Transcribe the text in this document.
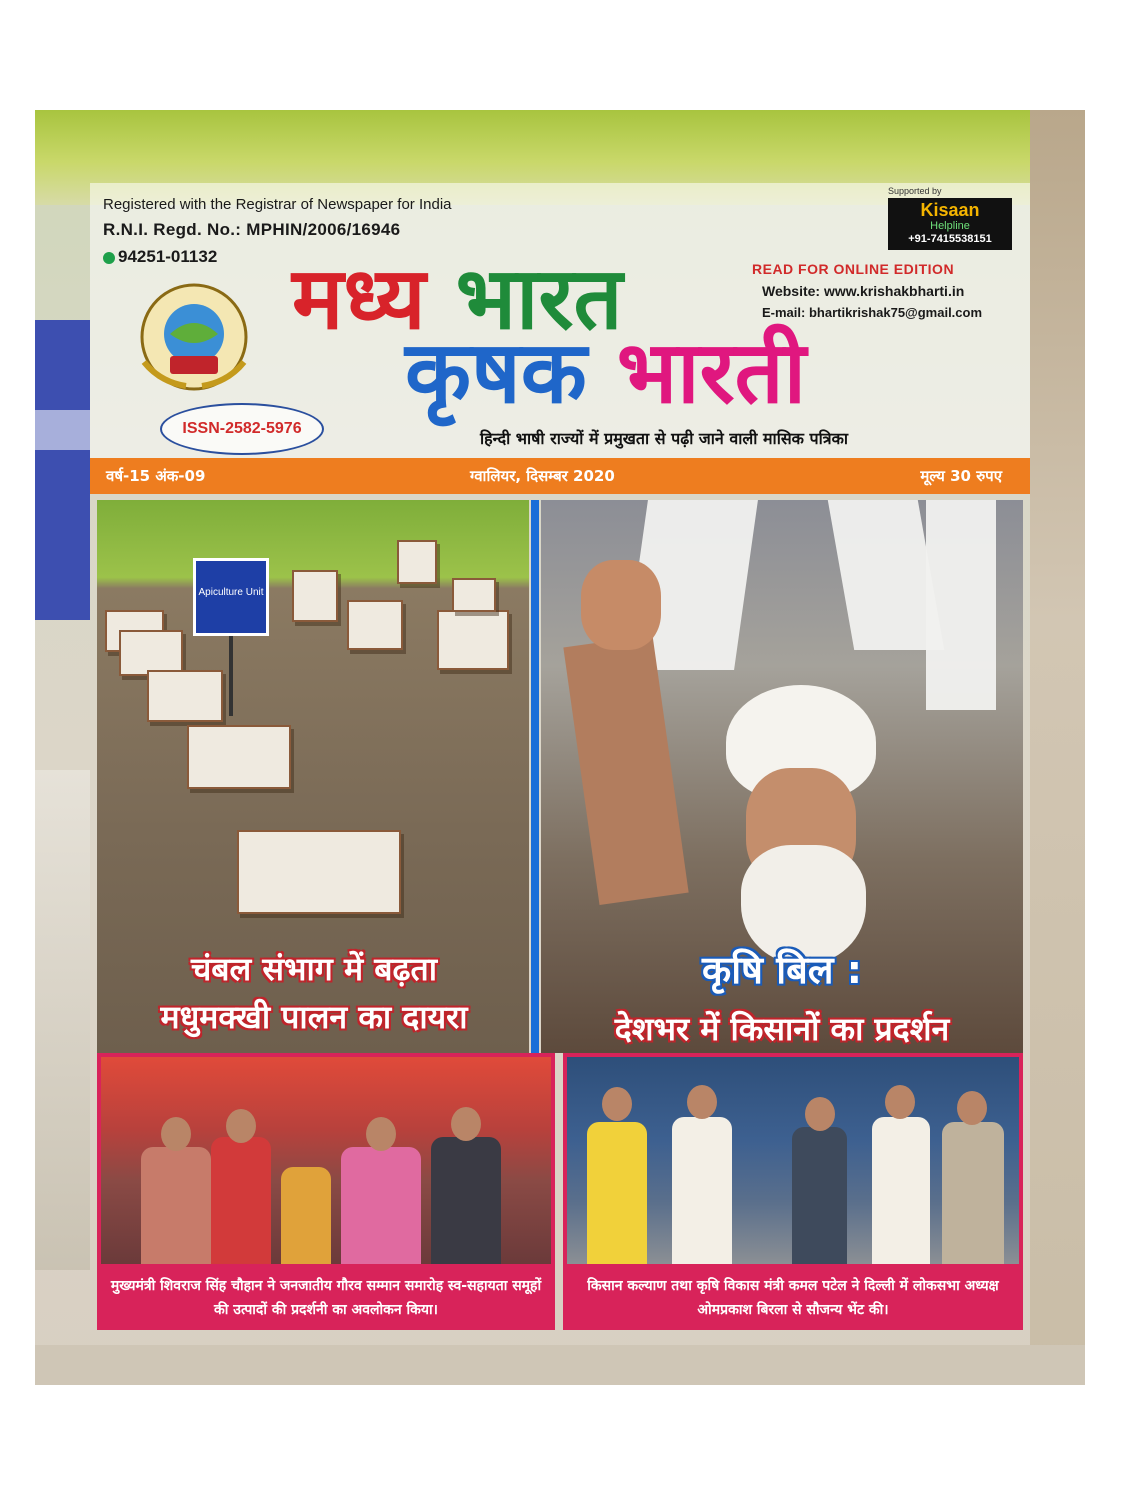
Registered with the Registrar of Newspaper for India
R.N.I. Regd. No.: MPHIN/2006/16946
94251-01132
ISSN-2582-5976
मध्य भारत
कृषक भारती
हिन्दी भाषी राज्यों में प्रमुखता से पढ़ी जाने वाली मासिक पत्रिका
Supported by
Kisaan
Helpline
+91-7415538151
READ FOR ONLINE EDITION
Website: www.krishakbharti.in
E-mail: bhartikrishak75@gmail.com
वर्ष-15 अंक-09	ग्वालियर, दिसम्बर 2020	मूल्य 30 रुपए
Apiculture Unit
चंबल संभाग में बढ़ता
मधुमक्खी पालन का दायरा
कृषि बिल :
देशभर में किसानों का प्रदर्शन
मुख्यमंत्री शिवराज सिंह चौहान ने जनजातीय गौरव सम्मान समारोह स्व-सहायता समूहों की उत्पादों की प्रदर्शनी का अवलोकन किया।
किसान कल्याण तथा कृषि विकास मंत्री कमल पटेल ने दिल्ली में लोकसभा अध्यक्ष ओमप्रकाश बिरला से सौजन्य भेंट की।
